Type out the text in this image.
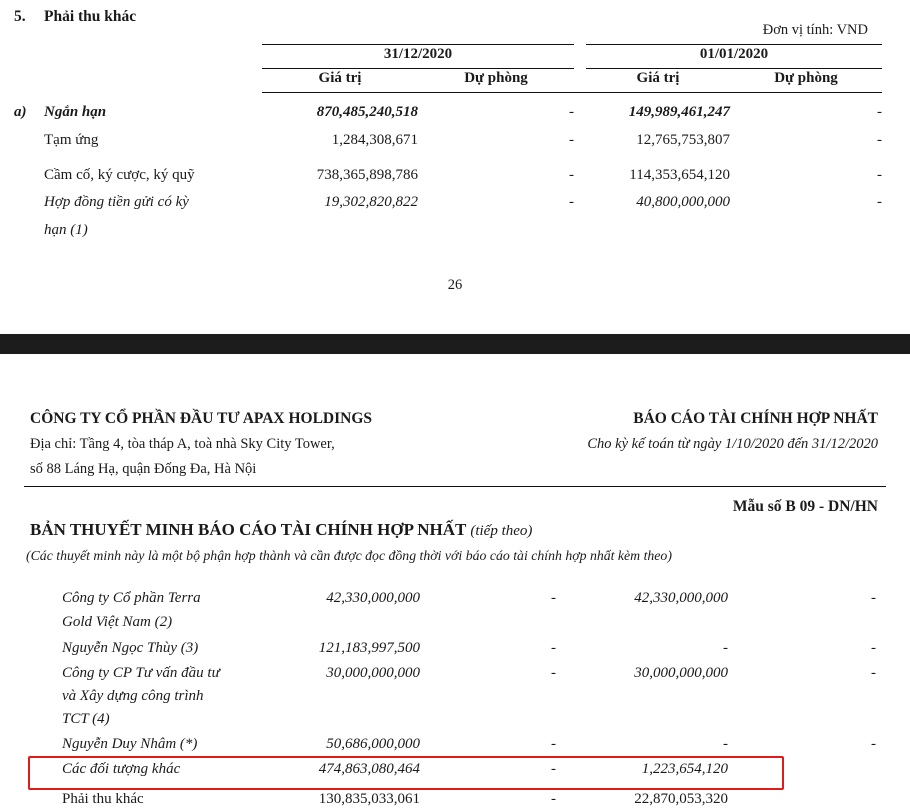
5. Phải thu khác
Đơn vị tính: VND
31/12/2020	01/01/2020
Giá trị	Dự phòng	Giá trị	Dự phòng
a) Ngắn hạn	870,485,240,518	-	149,989,461,247	-
Tạm ứng	1,284,308,671	-	12,765,753,807	-
Cầm cố, ký cược, ký quỹ	738,365,898,786	-	114,353,654,120	-
Hợp đồng tiền gửi có kỳ
hạn (1)
19,302,820,822	-	40,800,000,000	-
26
CÔNG TY CỔ PHẦN ĐẦU TƯ APAX HOLDINGS
Địa chỉ: Tầng 4, tòa tháp A, toà nhà Sky City Tower,
số 88 Láng Hạ, quận Đống Đa, Hà Nội
BÁO CÁO TÀI CHÍNH HỢP NHẤT
Cho kỳ kế toán từ ngày 1/10/2020 đến 31/12/2020
Mẫu số B 09 - DN/HN
BẢN THUYẾT MINH BÁO CÁO TÀI CHÍNH HỢP NHẤT (tiếp theo)
(Các thuyết minh này là một bộ phận hợp thành và cần được đọc đồng thời với báo cáo tài chính hợp nhất kèm theo)
Công ty Cổ phần Terra
Gold Việt Nam (2)
42,330,000,000	-	42,330,000,000	-
Nguyễn Ngọc Thùy (3)	121,183,997,500	-	-	-
Công ty CP Tư vấn đầu tư
và Xây dựng công trình
TCT (4)
30,000,000,000	-	30,000,000,000	-
Nguyễn Duy Nhâm (*)	50,686,000,000	-	-	-
Các đối tượng khác	474,863,080,464	-	1,223,654,120
Phải thu khác	130,835,033,061	-	22,870,053,320
